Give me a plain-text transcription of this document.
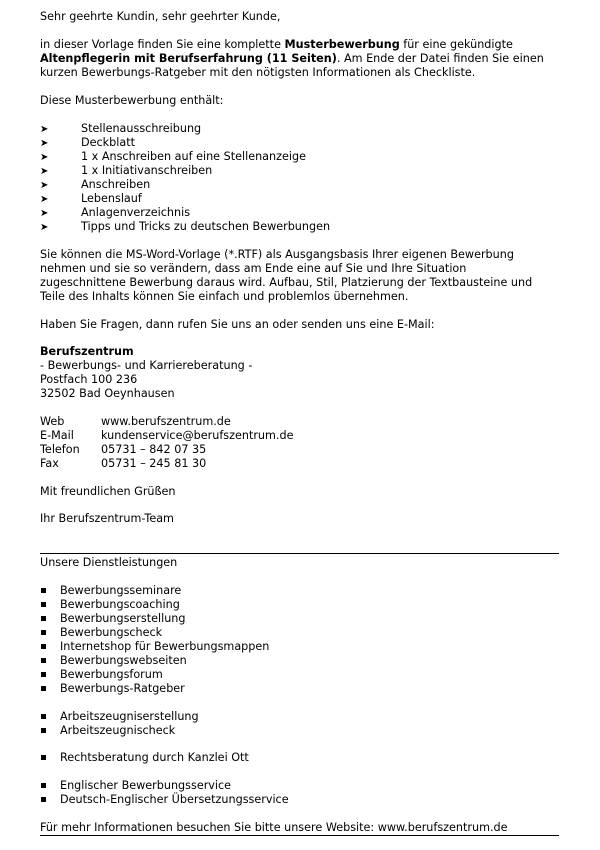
Sehr geehrte Kundin, sehr geehrter Kunde,
in dieser Vorlage finden Sie eine komplette Musterbewerbung für eine gekündigte
Altenpflegerin mit Berufserfahrung (11 Seiten). Am Ende der Datei finden Sie einen
kurzen Bewerbungs-Ratgeber mit den nötigsten Informationen als Checkliste.
Diese Musterbewerbung enthält:
➤	Stellenausschreibung
➤	Deckblatt
➤	1 x Anschreiben auf eine Stellenanzeige
➤	1 x Initiativanschreiben
➤	Anschreiben
➤	Lebenslauf
➤	Anlagenverzeichnis
➤	Tipps und Tricks zu deutschen Bewerbungen
Sie können die MS-Word-Vorlage (*.RTF) als Ausgangsbasis Ihrer eigenen Bewerbung
nehmen und sie so verändern, dass am Ende eine auf Sie und Ihre Situation
zugeschnittene Bewerbung daraus wird. Aufbau, Stil, Platzierung der Textbausteine und
Teile des Inhalts können Sie einfach und problemlos übernehmen.
Haben Sie Fragen, dann rufen Sie uns an oder senden uns eine E-Mail:
Berufszentrum
- Bewerbungs- und Karriereberatung -
Postfach 100 236
32502 Bad Oeynhausen
Web	www.berufszentrum.de
E-Mail kundenservice@berufszentrum.de
Telefon 05731 – 842 07 35
Fax	05731 – 245 81 30
Mit freundlichen Grüßen
Ihr Berufszentrum-Team
Unsere Dienstleistungen
Bewerbungsseminare
Bewerbungscoaching
Bewerbungserstellung
Bewerbungscheck
Internetshop für Bewerbungsmappen
Bewerbungswebseiten
Bewerbungsforum
Bewerbungs-Ratgeber
Arbeitszeugniserstellung
Arbeitszeugnischeck
Rechtsberatung durch Kanzlei Ott
Englischer Bewerbungsservice
Deutsch-Englischer Übersetzungsservice
Für mehr Informationen besuchen Sie bitte unsere Website: www.berufszentrum.de
